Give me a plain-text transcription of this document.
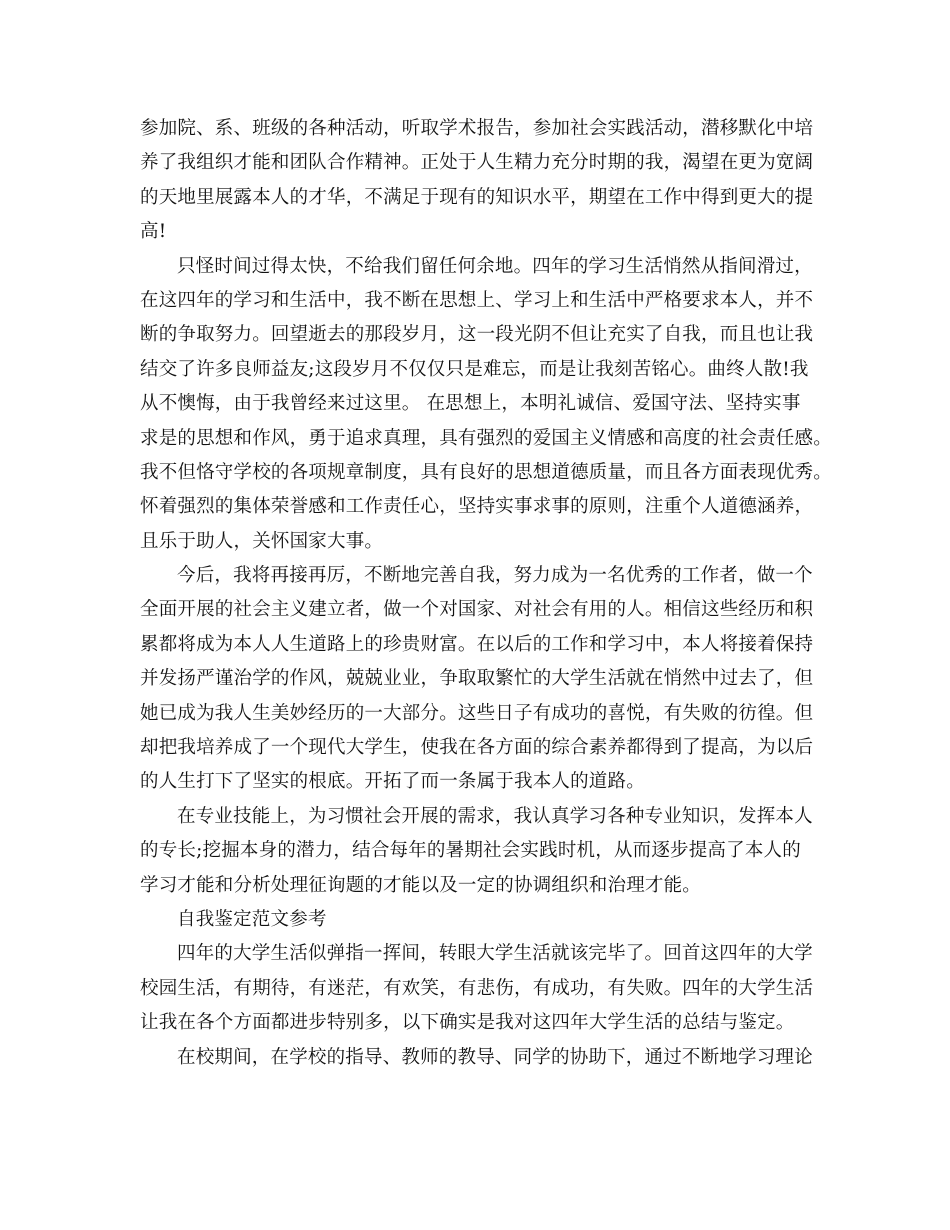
参加院、系、班级的各种活动，听取学术报告，参加社会实践活动，潜移默化中培
养了我组织才能和团队合作精神。正处于人生精力充分时期的我，渴望在更为宽阔
的天地里展露本人的才华，不满足于现有的知识水平，期望在工作中得到更大的提
高!
只怪时间过得太快，不给我们留任何余地。四年的学习生活悄然从指间滑过，
在这四年的学习和生活中，我不断在思想上、学习上和生活中严格要求本人，并不
断的争取努力。回望逝去的那段岁月，这一段光阴不但让充实了自我，而且也让我
结交了许多良师益友;这段岁月不仅仅只是难忘，而是让我刻苦铭心。曲终人散!我
从不懊悔，由于我曾经来过这里。 在思想上，本明礼诚信、爱国守法、坚持实事
求是的思想和作风，勇于追求真理，具有强烈的爱国主义情感和高度的社会责任感。
我不但恪守学校的各项规章制度，具有良好的思想道德质量，而且各方面表现优秀。
怀着强烈的集体荣誉感和工作责任心，坚持实事求事的原则，注重个人道德涵养，
且乐于助人，关怀国家大事。
今后，我将再接再厉，不断地完善自我，努力成为一名优秀的工作者，做一个
全面开展的社会主义建立者，做一个对国家、对社会有用的人。相信这些经历和积
累都将成为本人人生道路上的珍贵财富。在以后的工作和学习中，本人将接着保持
并发扬严谨治学的作风，兢兢业业，争取取繁忙的大学生活就在悄然中过去了，但
她已成为我人生美妙经历的一大部分。这些日子有成功的喜悦，有失败的彷徨。但
却把我培养成了一个现代大学生，使我在各方面的综合素养都得到了提高，为以后
的人生打下了坚实的根底。开拓了而一条属于我本人的道路。
在专业技能上，为习惯社会开展的需求，我认真学习各种专业知识，发挥本人
的专长;挖掘本身的潜力，结合每年的暑期社会实践时机，从而逐步提高了本人的
学习才能和分析处理征询题的才能以及一定的协调组织和治理才能。
自我鉴定范文参考
四年的大学生活似弹指一挥间，转眼大学生活就该完毕了。回首这四年的大学
校园生活，有期待，有迷茫，有欢笑，有悲伤，有成功，有失败。四年的大学生活
让我在各个方面都进步特别多，以下确实是我对这四年大学生活的总结与鉴定。
在校期间，在学校的指导、教师的教导、同学的协助下，通过不断地学习理论
